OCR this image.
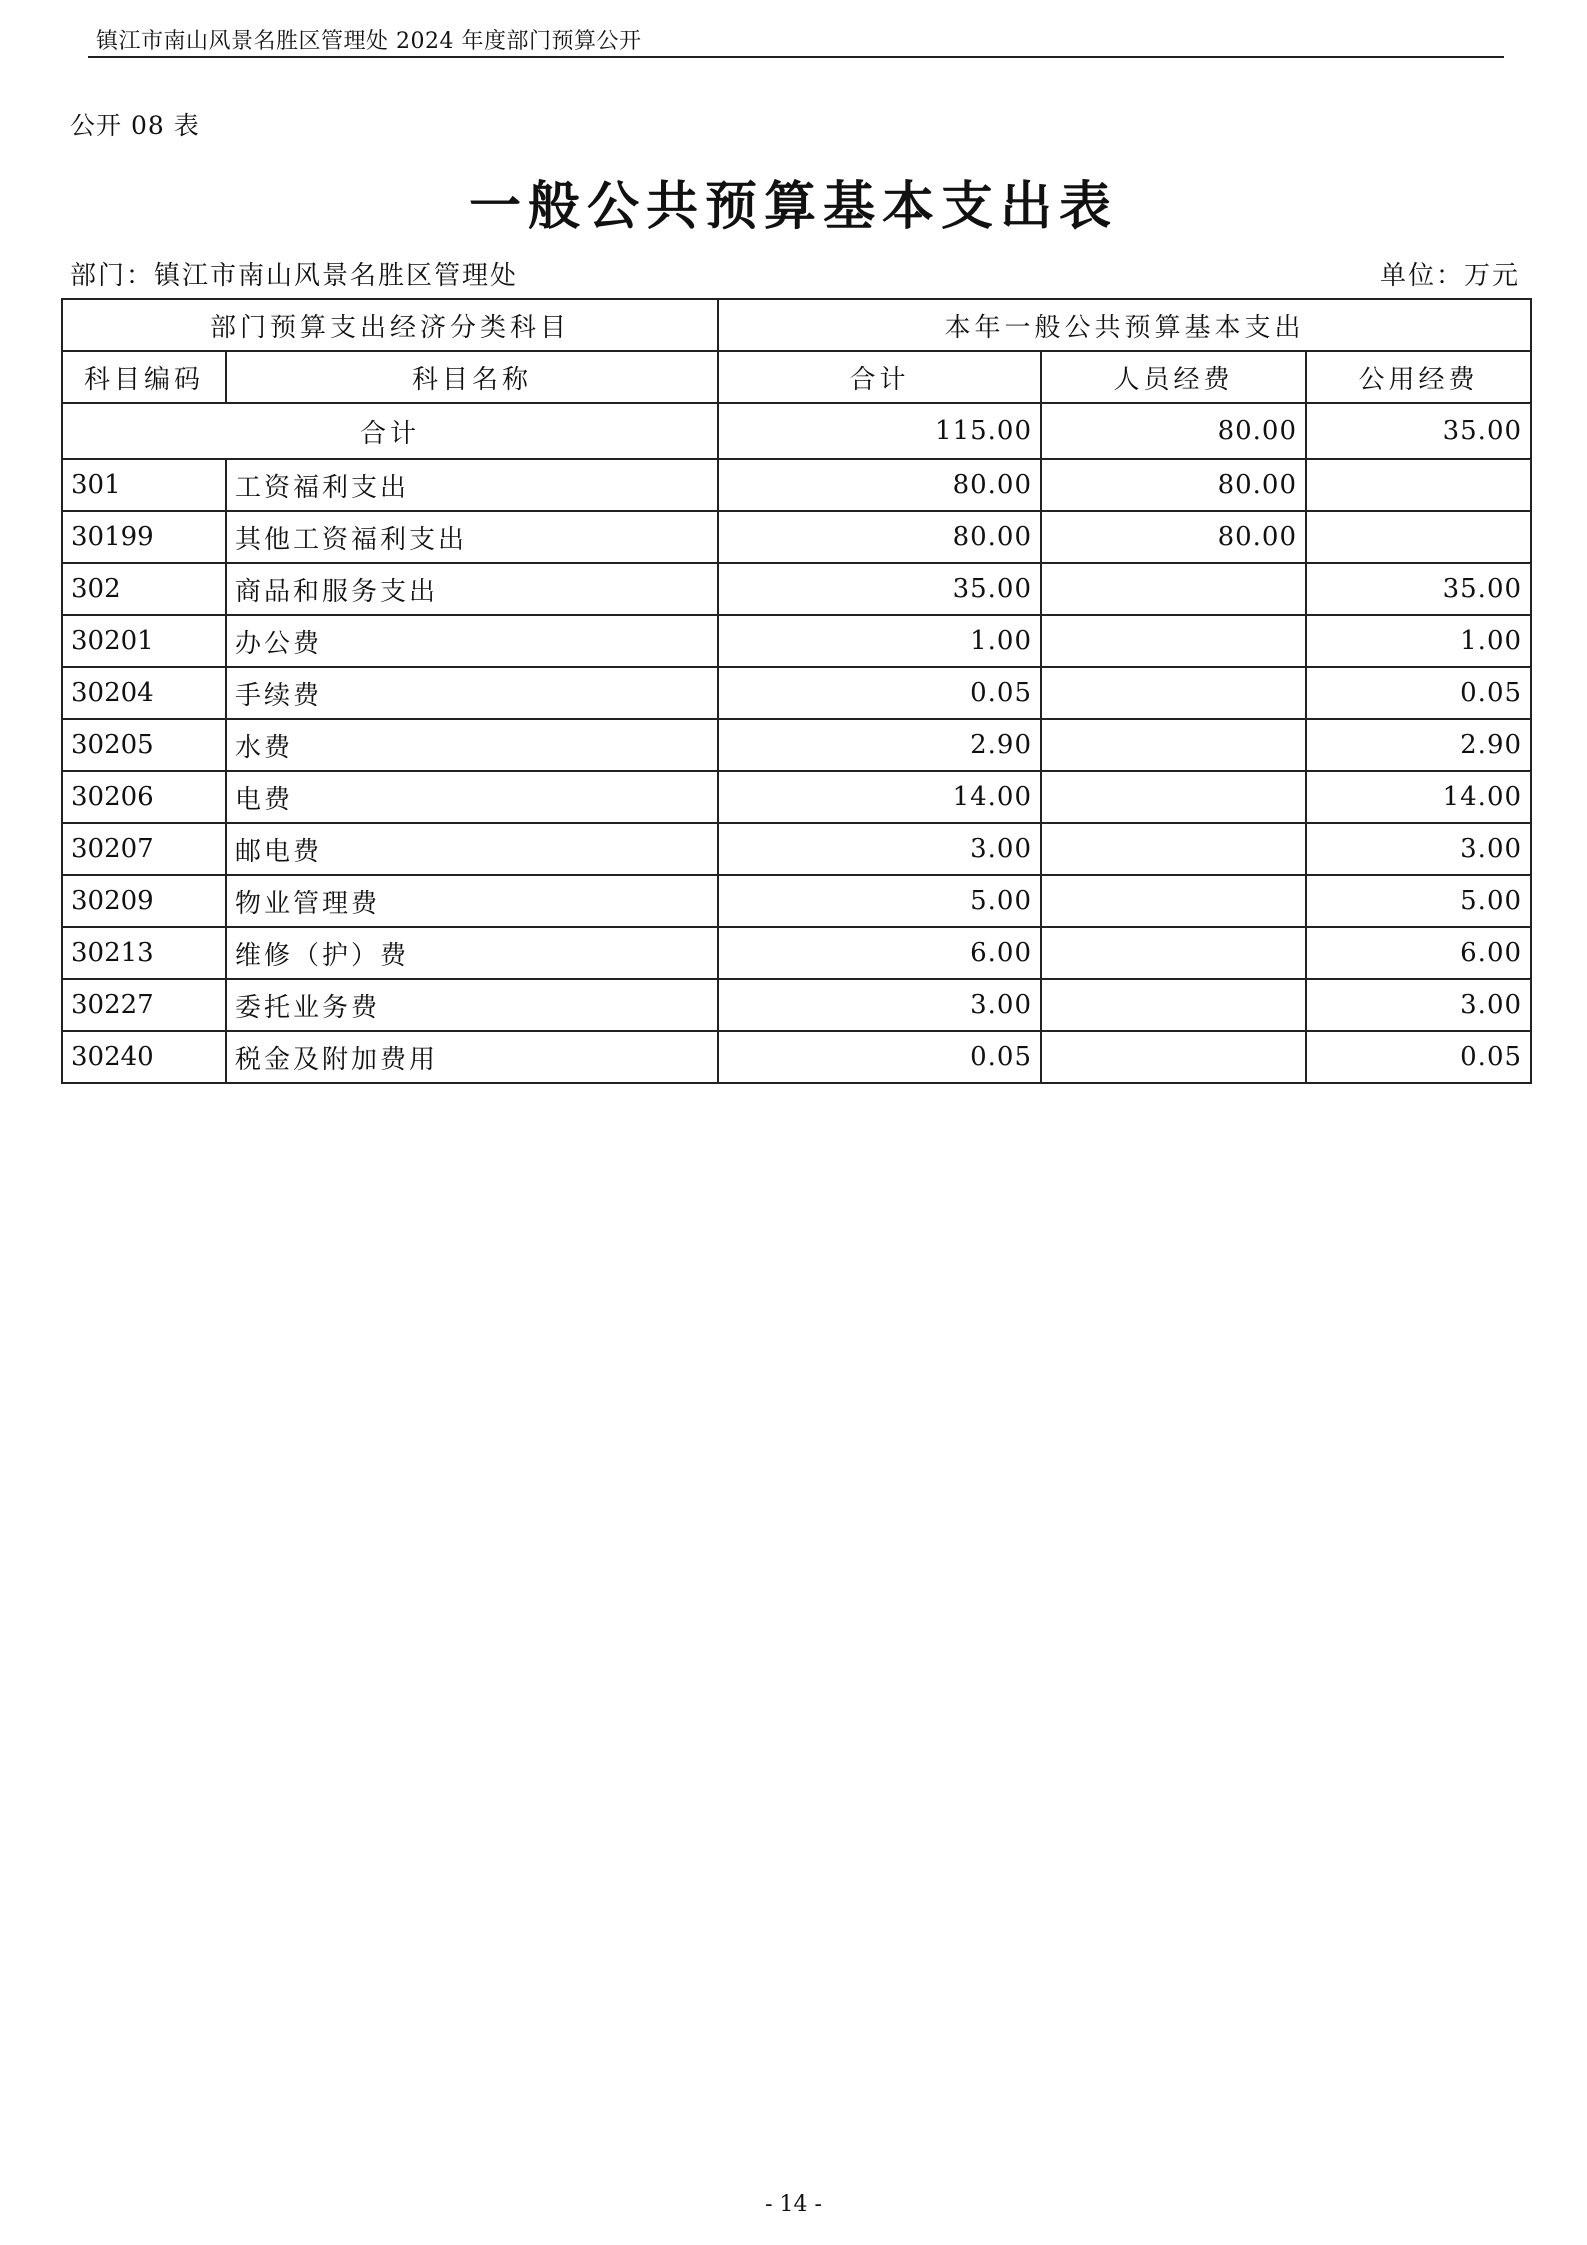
镇江市南山风景名胜区管理处 2024 年度部门预算公开
公开 08 表
一般公共预算基本支出表
部门：镇江市南山风景名胜区管理处	单位：万元
部门预算支出经济分类科目		本年一般公共预算基本支出		
科目编码	科目名称	合计	人员经费	公用经费
合计		115.00	80.00	35.00
301	工资福利支出	80.00	80.00	
30199	其他工资福利支出	80.00	80.00	
302	商品和服务支出	35.00		35.00
30201	办公费	1.00		1.00
30204	手续费	0.05		0.05
30205	水费	2.90		2.90
30206	电费	14.00		14.00
30207	邮电费	3.00		3.00
30209	物业管理费	5.00		5.00
30213	维修（护）费	6.00		6.00
30227	委托业务费	3.00		3.00
30240	税金及附加费用	0.05		0.05
- 14 -
